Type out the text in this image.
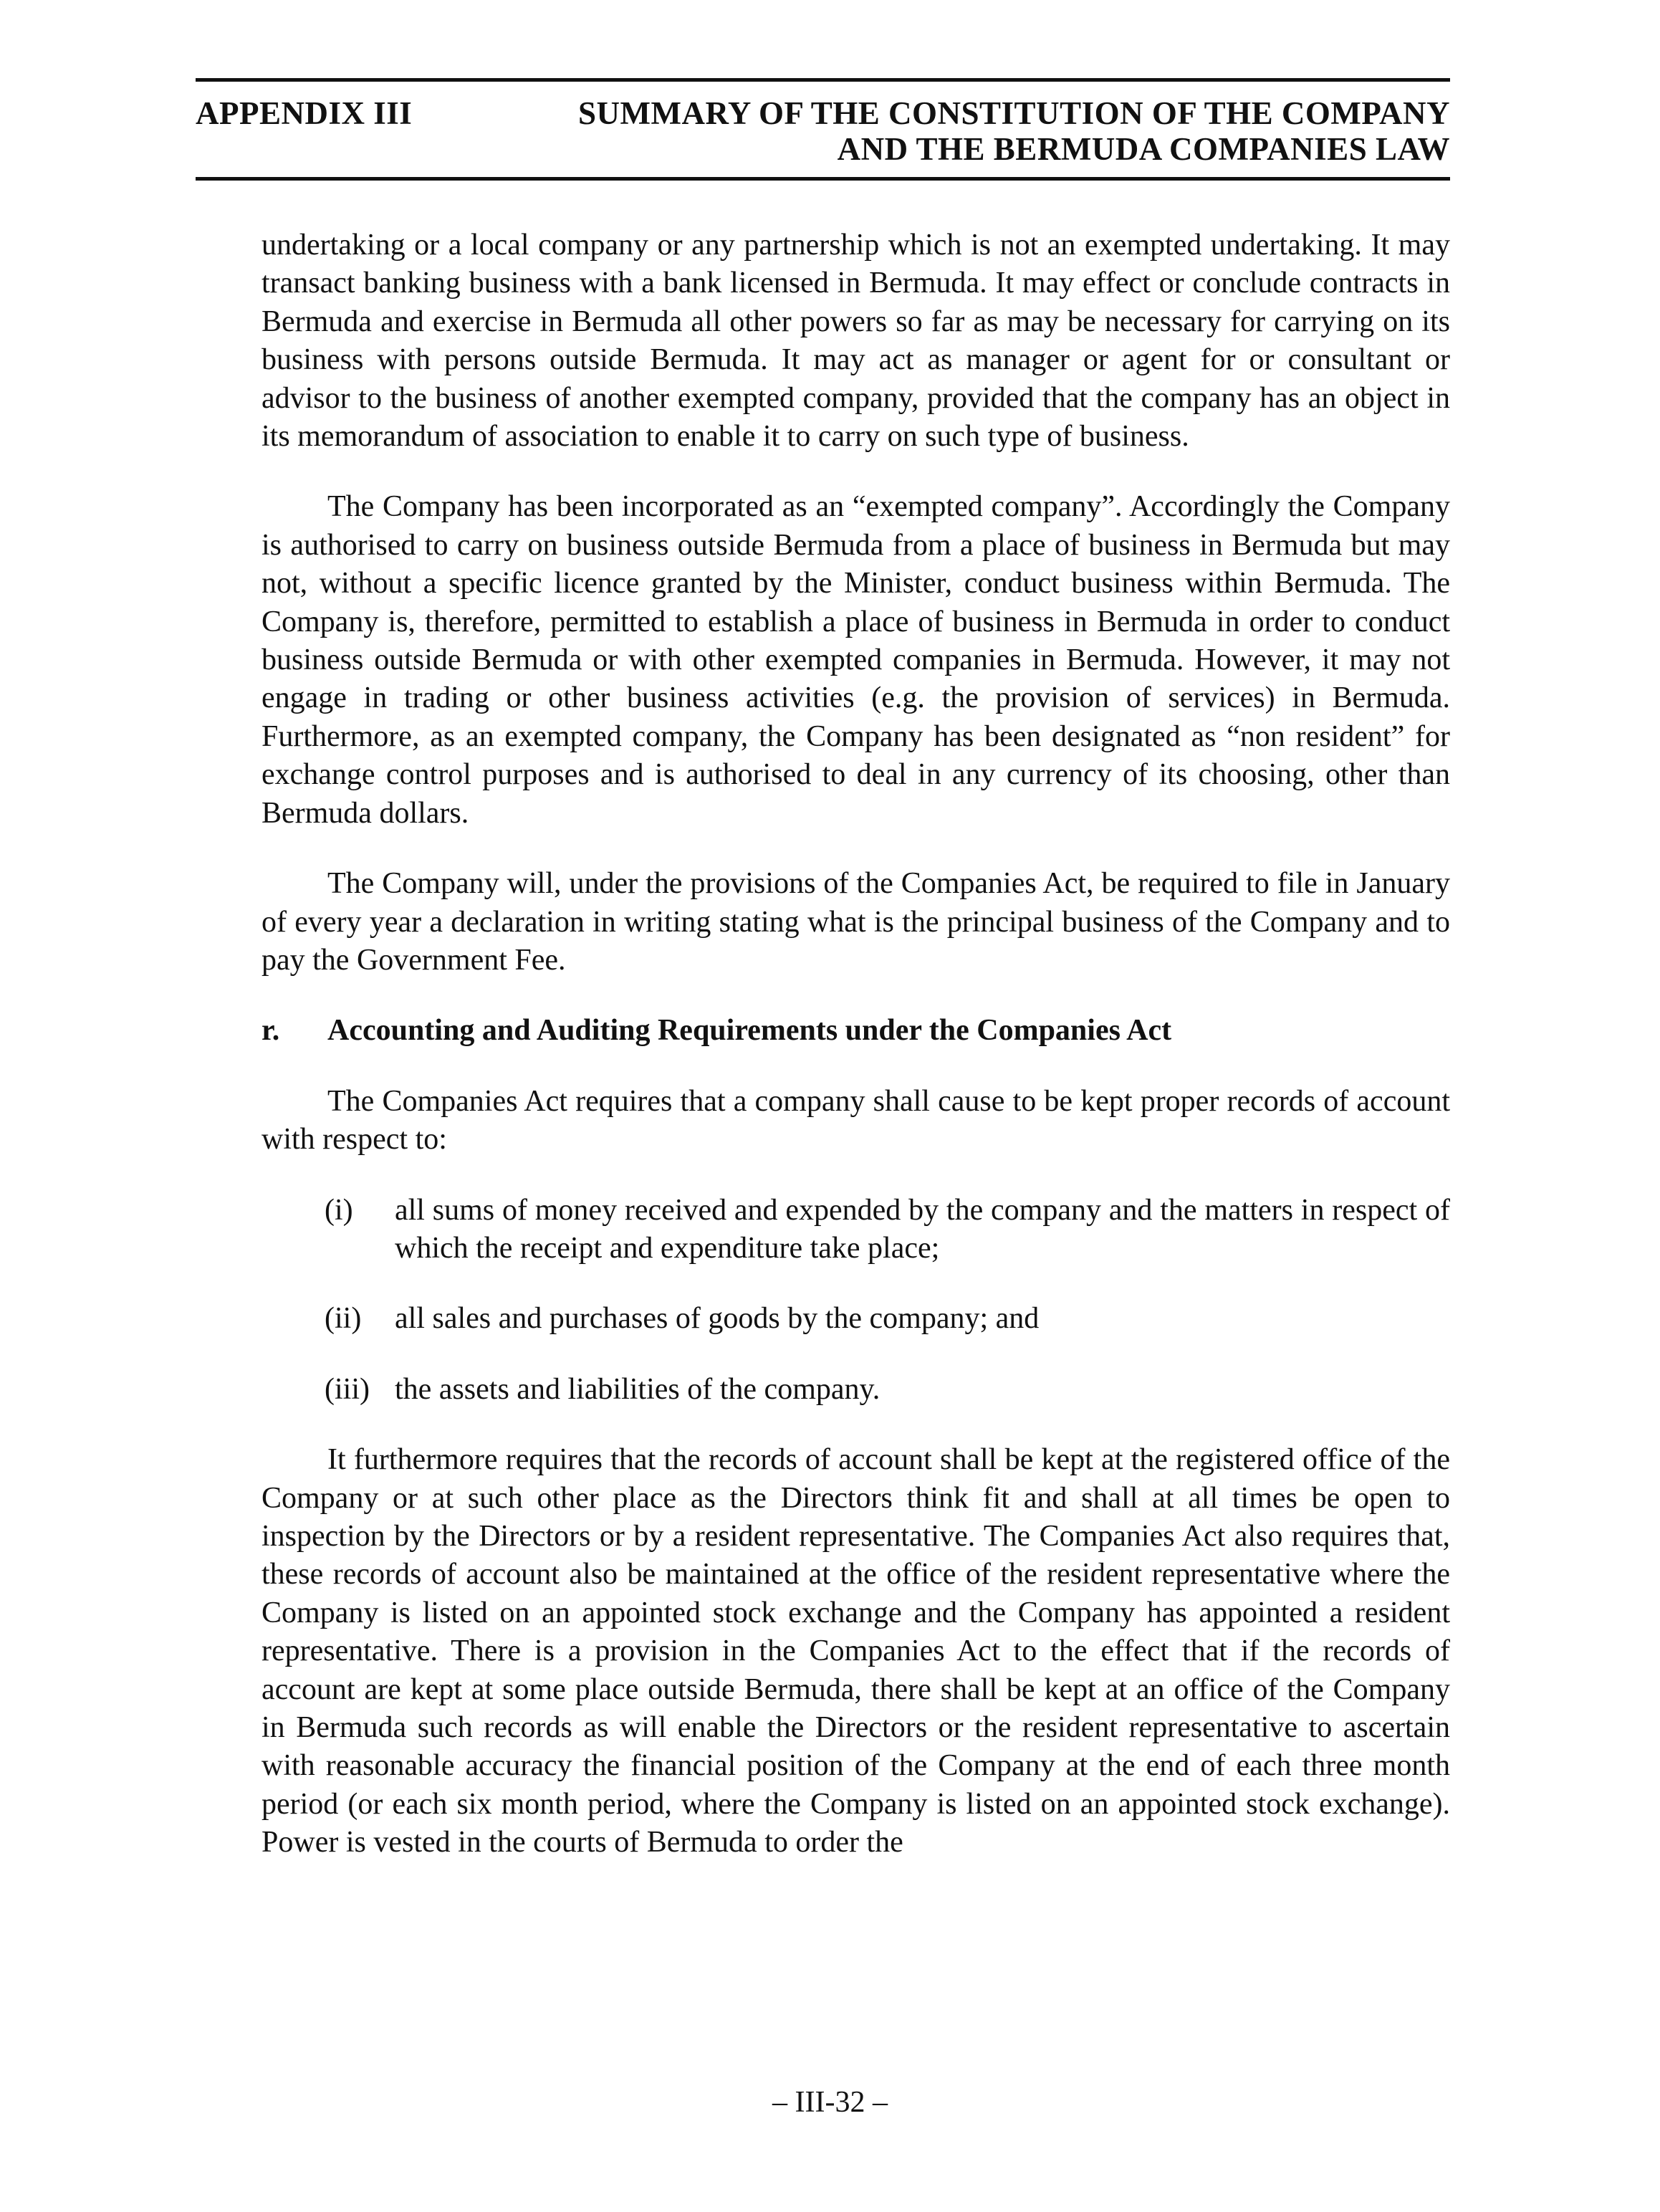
APPENDIX III	SUMMARY OF THE CONSTITUTION OF THE COMPANY
AND THE BERMUDA COMPANIES LAW

undertaking or a local company or any partnership which is not an exempted undertaking. It may transact banking business with a bank licensed in Bermuda. It may effect or conclude contracts in Bermuda and exercise in Bermuda all other powers so far as may be necessary for carrying on its business with persons outside Bermuda. It may act as manager or agent for or consultant or advisor to the business of another exempted company, provided that the company has an object in its memorandum of association to enable it to carry on such type of business.

The Company has been incorporated as an “exempted company”. Accordingly the Company is authorised to carry on business outside Bermuda from a place of business in Bermuda but may not, without a specific licence granted by the Minister, conduct business within Bermuda. The Company is, therefore, permitted to establish a place of business in Bermuda in order to conduct business outside Bermuda or with other exempted companies in Bermuda. However, it may not engage in trading or other business activities (e.g. the provision of services) in Bermuda. Furthermore, as an exempted company, the Company has been designated as “non resident” for exchange control purposes and is authorised to deal in any currency of its choosing, other than Bermuda dollars.

The Company will, under the provisions of the Companies Act, be required to file in January of every year a declaration in writing stating what is the principal business of the Company and to pay the Government Fee.

r.	Accounting and Auditing Requirements under the Companies Act

The Companies Act requires that a company shall cause to be kept proper records of account with respect to:

(i)	all sums of money received and expended by the company and the matters in respect of which the receipt and expenditure take place;
(ii)	all sales and purchases of goods by the company; and
(iii) the assets and liabilities of the company.

It furthermore requires that the records of account shall be kept at the registered office of the Company or at such other place as the Directors think fit and shall at all times be open to inspection by the Directors or by a resident representative. The Companies Act also requires that, these records of account also be maintained at the office of the resident representative where the Company is listed on an appointed stock exchange and the Company has appointed a resident representative. There is a provision in the Companies Act to the effect that if the records of account are kept at some place outside Bermuda, there shall be kept at an office of the Company in Bermuda such records as will enable the Directors or the resident representative to ascertain with reasonable accuracy the financial position of the Company at the end of each three month period (or each six month period, where the Company is listed on an appointed stock exchange). Power is vested in the courts of Bermuda to order the

– III-32 –
